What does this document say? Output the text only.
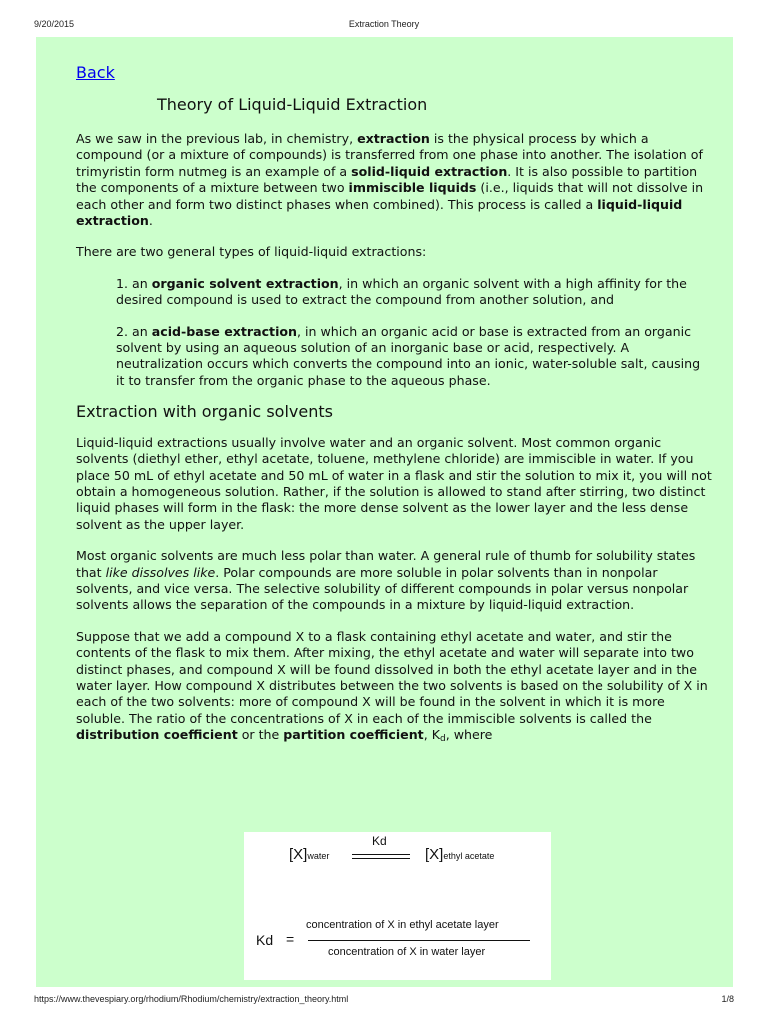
9/20/2015	Extraction Theory
Back
Theory of Liquid-Liquid Extraction

As we saw in the previous lab, in chemistry, extraction is the physical process by which a compound (or a mixture of compounds) is transferred from one phase into another. The isolation of trimyristin form nutmeg is an example of a solid-liquid extraction. It is also possible to partition the components of a mixture between two immiscible liquids (i.e., liquids that will not dissolve in each other and form two distinct phases when combined). This process is called a liquid-liquid extraction.

There are two general types of liquid-liquid extractions:

1. an organic solvent extraction, in which an organic solvent with a high affinity for the desired compound is used to extract the compound from another solution, and

2. an acid-base extraction, in which an organic acid or base is extracted from an organic solvent by using an aqueous solution of an inorganic base or acid, respectively. A neutralization occurs which converts the compound into an ionic, water-soluble salt, causing it to transfer from the organic phase to the aqueous phase.

Extraction with organic solvents

Liquid-liquid extractions usually involve water and an organic solvent. Most common organic solvents (diethyl ether, ethyl acetate, toluene, methylene chloride) are immiscible in water. If you place 50 mL of ethyl acetate and 50 mL of water in a flask and stir the solution to mix it, you will not obtain a homogeneous solution. Rather, if the solution is allowed to stand after stirring, two distinct liquid phases will form in the flask: the more dense solvent as the lower layer and the less dense solvent as the upper layer.

Most organic solvents are much less polar than water. A general rule of thumb for solubility states that like dissolves like. Polar compounds are more soluble in polar solvents than in nonpolar solvents, and vice versa. The selective solubility of different compounds in polar versus nonpolar solvents allows the separation of the compounds in a mixture by liquid-liquid extraction.

Suppose that we add a compound X to a flask containing ethyl acetate and water, and stir the contents of the flask to mix them. After mixing, the ethyl acetate and water will separate into two distinct phases, and compound X will be found dissolved in both the ethyl acetate layer and in the water layer. How compound X distributes between the two solvents is based on the solubility of X in each of the two solvents: more of compound X will be found in the solvent in which it is more soluble. The ratio of the concentrations of X in each of the immiscible solvents is called the distribution coefficient or the partition coefficient, Kd, where

[X]water
Kd
[X]ethyl acetate
Kd =
concentration of X in ethyl acetate layer
concentration of X in water layer
https://www.thevespiary.org/rhodium/Rhodium/chemistry/extraction_theory.html	1/8
